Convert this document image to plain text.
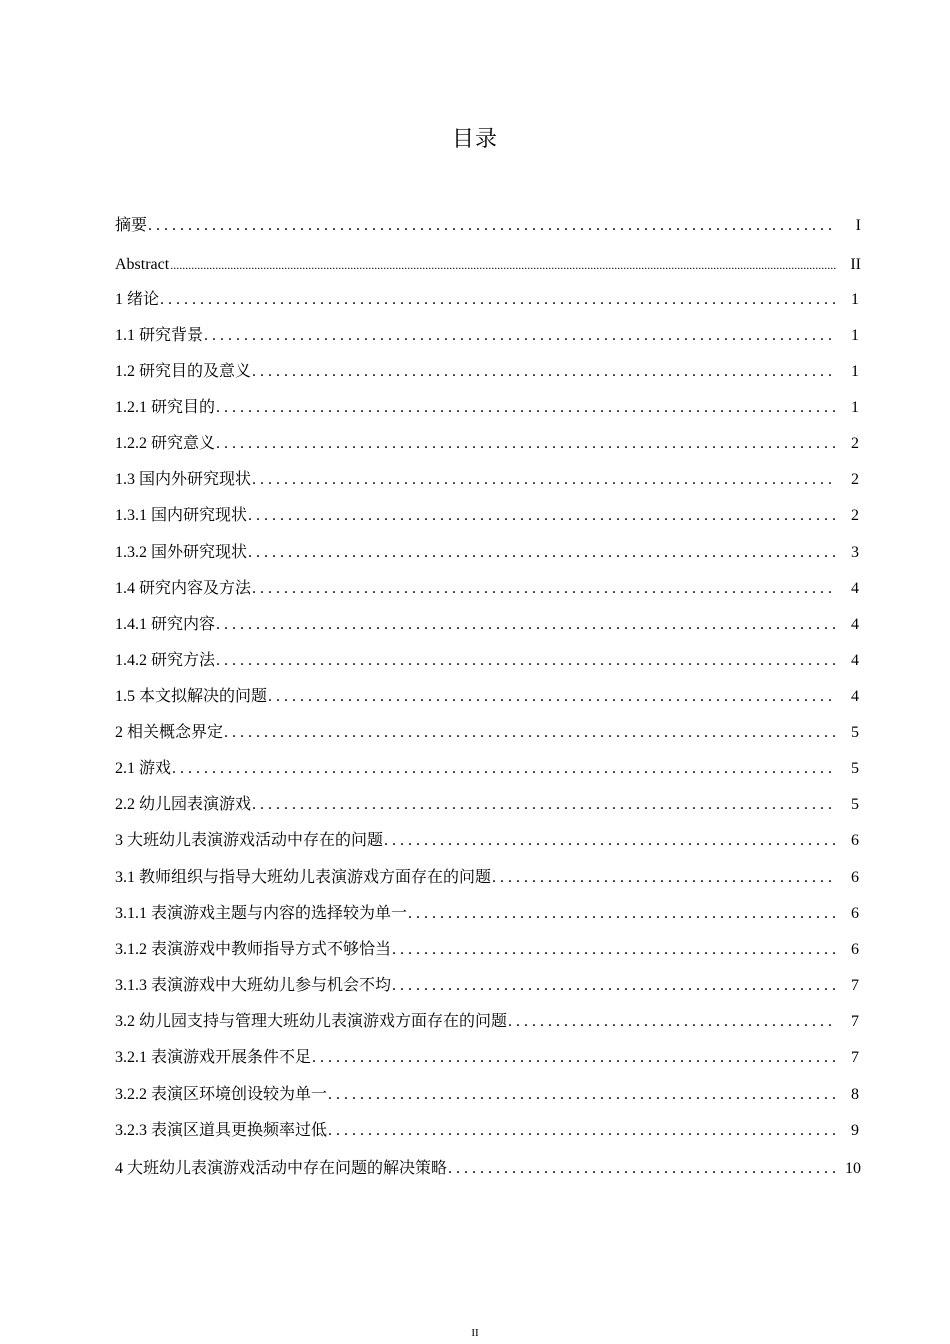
目录
摘要 . . .	I
Abstract .....	II
1 绪论 . . .	1
1.1 研究背景 . . .	1
1.2 研究目的及意义 . . .	1
1.2.1 研究目的 . . .	1
1.2.2 研究意义 . . .	2
1.3 国内外研究现状 . . .	2
1.3.1 国内研究现状 . . .	2
1.3.2 国外研究现状 . . .	3
1.4 研究内容及方法 . . .	4
1.4.1 研究内容 . . .	4
1.4.2 研究方法 . . .	4
1.5 本文拟解决的问题 . . .	4
2 相关概念界定 . . .	5
2.1 游戏 . . .	5
2.2 幼儿园表演游戏 . . .	5
3 大班幼儿表演游戏活动中存在的问题 . . .	6
3.1 教师组织与指导大班幼儿表演游戏方面存在的问题 . . .	6
3.1.1 表演游戏主题与内容的选择较为单一 . . .	6
3.1.2 表演游戏中教师指导方式不够恰当 . . .	6
3.1.3 表演游戏中大班幼儿参与机会不均 . . .	7
3.2 幼儿园支持与管理大班幼儿表演游戏方面存在的问题 . . .	7
3.2.1 表演游戏开展条件不足 . . .	7
3.2.2 表演区环境创设较为单一 . . .	8
3.2.3 表演区道具更换频率过低 . . .	9
4 大班幼儿表演游戏活动中存在问题的解决策略 . . .	10
II
